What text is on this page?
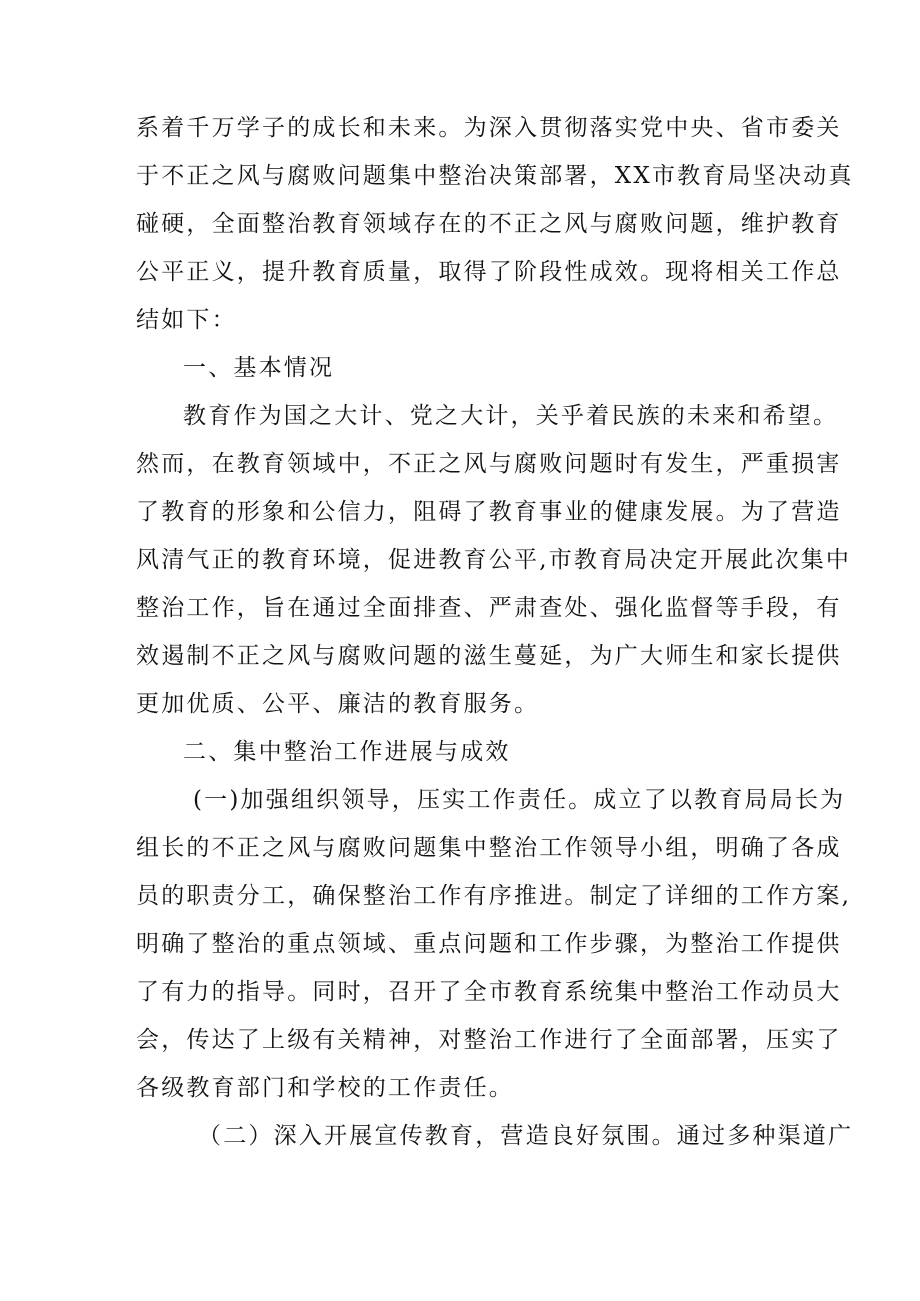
系着千万学子的成长和未来。为深入贯彻落实党中央、省市委关
于不正之风与腐败问题集中整治决策部署，XX市教育局坚决动真
碰硬，全面整治教育领域存在的不正之风与腐败问题，维护教育
公平正义，提升教育质量，取得了阶段性成效。现将相关工作总
结如下：
一、基本情况
教育作为国之大计、党之大计，关乎着民族的未来和希望。
然而，在教育领域中，不正之风与腐败问题时有发生，严重损害
了教育的形象和公信力，阻碍了教育事业的健康发展。为了营造
风清气正的教育环境，促进教育公平,市教育局决定开展此次集中
整治工作，旨在通过全面排查、严肃查处、强化监督等手段，有
效遏制不正之风与腐败问题的滋生蔓延，为广大师生和家长提供
更加优质、公平、廉洁的教育服务。
二、集中整治工作进展与成效
(一)加强组织领导，压实工作责任。成立了以教育局局长为
组长的不正之风与腐败问题集中整治工作领导小组，明确了各成
员的职责分工，确保整治工作有序推进。制定了详细的工作方案,
明确了整治的重点领域、重点问题和工作步骤，为整治工作提供
了有力的指导。同时，召开了全市教育系统集中整治工作动员大
会，传达了上级有关精神，对整治工作进行了全面部署，压实了
各级教育部门和学校的工作责任。
（二）深入开展宣传教育，营造良好氛围。通过多种渠道广
